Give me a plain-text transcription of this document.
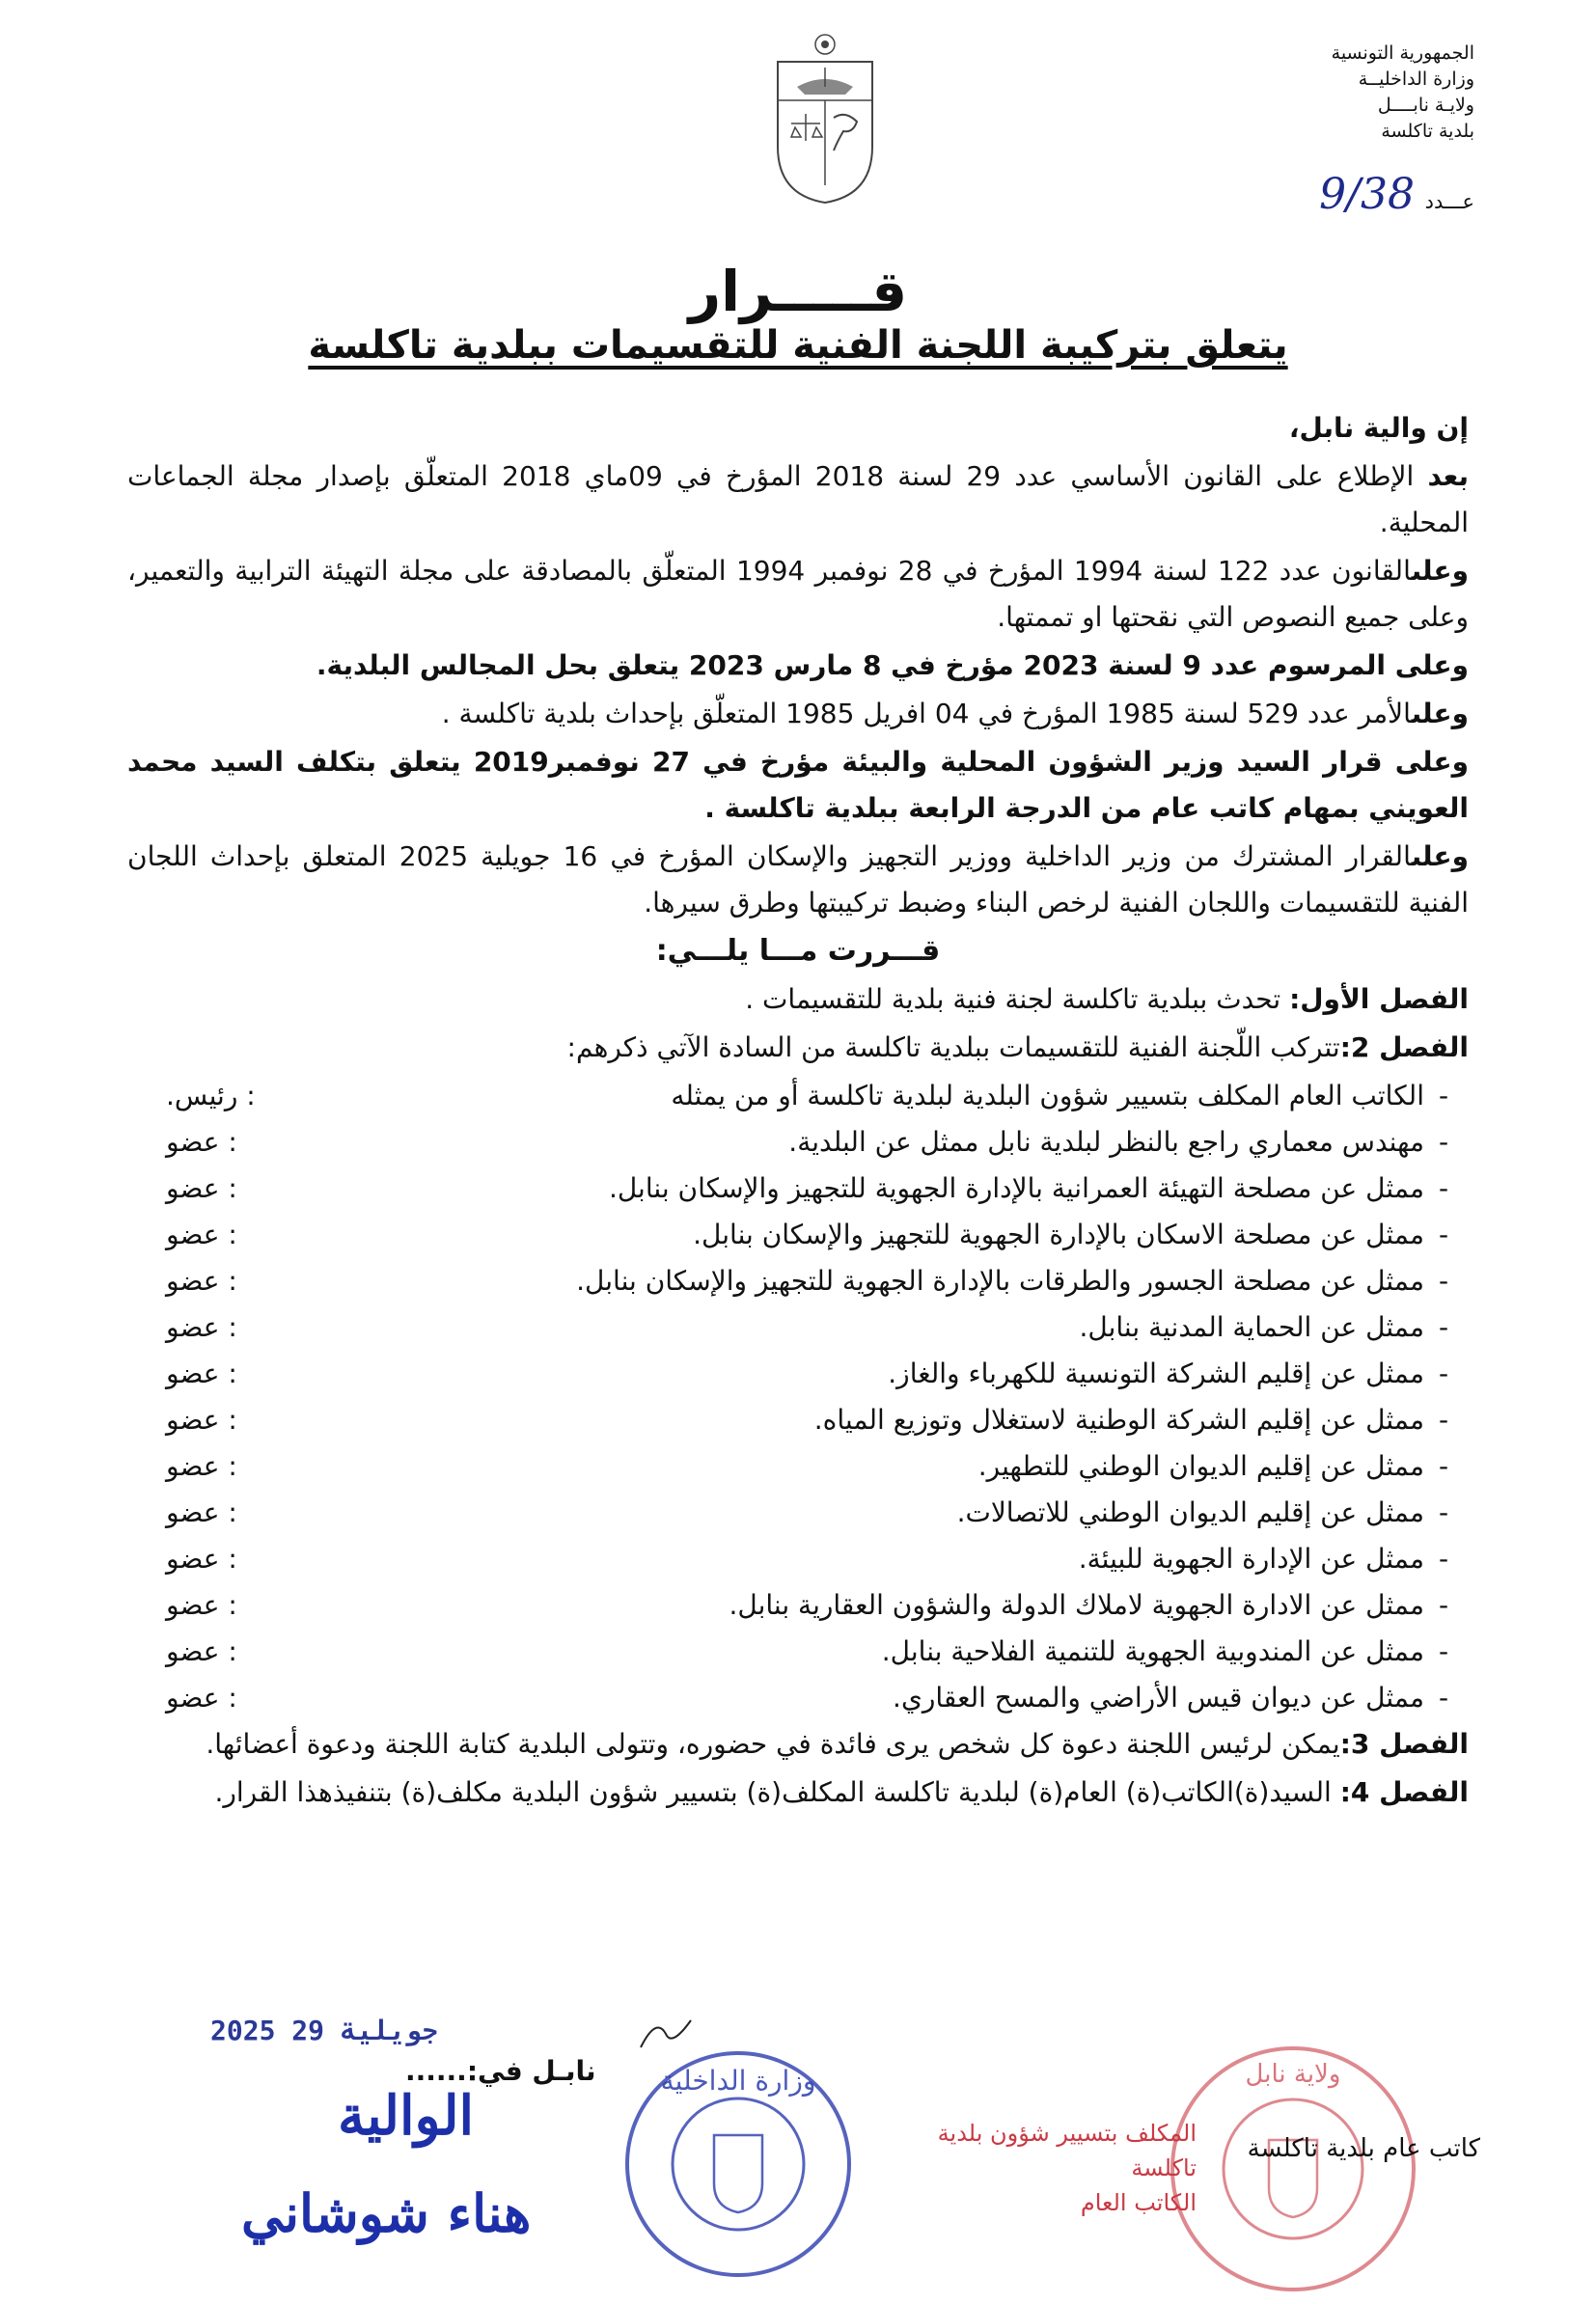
الجمهورية التونسية
وزارة الداخليــة
ولايـة نابــــل
بلدية تاكلسة
عـــدد 9/38
قـــــرار
يتعلق بتركيبة اللجنة الفنية للتقسيمات ببلدية تاكلسة

إن والية نابل،

بعد الإطلاع على القانون الأساسي عدد 29 لسنة 2018 المؤرخ في 09ماي 2018 المتعلّق بإصدار مجلة الجماعات المحلية.

وعلىالقانون عدد 122 لسنة 1994 المؤرخ في 28 نوفمبر 1994 المتعلّق بالمصادقة على مجلة التهيئة الترابية والتعمير، وعلى جميع النصوص التي نقحتها او تممتها.

وعلى المرسوم عدد 9 لسنة 2023 مؤرخ في 8 مارس 2023 يتعلق بحل المجالس البلدية.

وعلىالأمر عدد 529 لسنة 1985 المؤرخ في 04 افريل 1985 المتعلّق بإحداث بلدية تاكلسة .

وعلى قرار السيد وزير الشؤون المحلية والبيئة مؤرخ في 27 نوفمبر2019 يتعلق بتكلف السيد محمد العويني بمهام كاتب عام من الدرجة الرابعة ببلدية تاكلسة .

وعلىالقرار المشترك من وزير الداخلية ووزير التجهيز والإسكان المؤرخ في 16 جويلية 2025 المتعلق بإحداث اللجان الفنية للتقسيمات واللجان الفنية لرخص البناء وضبط تركيبتها وطرق سيرها.

قـــررت مـــا يلـــي:

الفصل الأول: تحدث ببلدية تاكلسة لجنة فنية بلدية للتقسيمات .

الفصل 2:تتركب اللّجنة الفنية للتقسيمات ببلدية تاكلسة من السادة الآتي ذكرهم:

-
الكاتب العام المكلف بتسيير شؤون البلدية لبلدية تاكلسة أو من يمثله
: رئيس.
-
مهندس معماري راجع بالنظر لبلدية نابل ممثل عن البلدية.
: عضو
-
ممثل عن مصلحة التهيئة العمرانية بالإدارة الجهوية للتجهيز والإسكان بنابل.
: عضو
-
ممثل عن مصلحة الاسكان بالإدارة الجهوية للتجهيز والإسكان بنابل.
: عضو
-
ممثل عن مصلحة الجسور والطرقات بالإدارة الجهوية للتجهيز والإسكان بنابل.
: عضو
-
ممثل عن الحماية المدنية بنابل.
: عضو
-
ممثل عن إقليم الشركة التونسية للكهرباء والغاز.
: عضو
-
ممثل عن إقليم الشركة الوطنية لاستغلال وتوزيع المياه.
: عضو
-
ممثل عن إقليم الديوان الوطني للتطهير.
: عضو
-
ممثل عن إقليم الديوان الوطني للاتصالات.
: عضو
-
ممثل عن الإدارة الجهوية للبيئة.
: عضو
-
ممثل عن الادارة الجهوية لاملاك الدولة والشؤون العقارية بنابل.
: عضو
-
ممثل عن المندوبية الجهوية للتنمية الفلاحية بنابل.
: عضو
-
ممثل عن ديوان قيس الأراضي والمسح العقاري.
: عضو

الفصل 3:يمكن لرئيس اللجنة دعوة كل شخص يرى فائدة في حضوره، وتتولى البلدية كتابة اللجنة ودعوة أعضائها.

الفصل 4: السيد(ة)الكاتب(ة) العام(ة) لبلدية تاكلسة المكلف(ة) بتسيير شؤون البلدية مكلف(ة) بتنفيذهذا القرار.

2025 جويلية 29
نابـل في:......
الوالية
هناء شوشاني
وزارة الداخلية	ولاية نابل
المكلف بتسيير شؤون بلدية تاكلسة
الكاتب العام
كاتب عام بلدية تاكلسة
